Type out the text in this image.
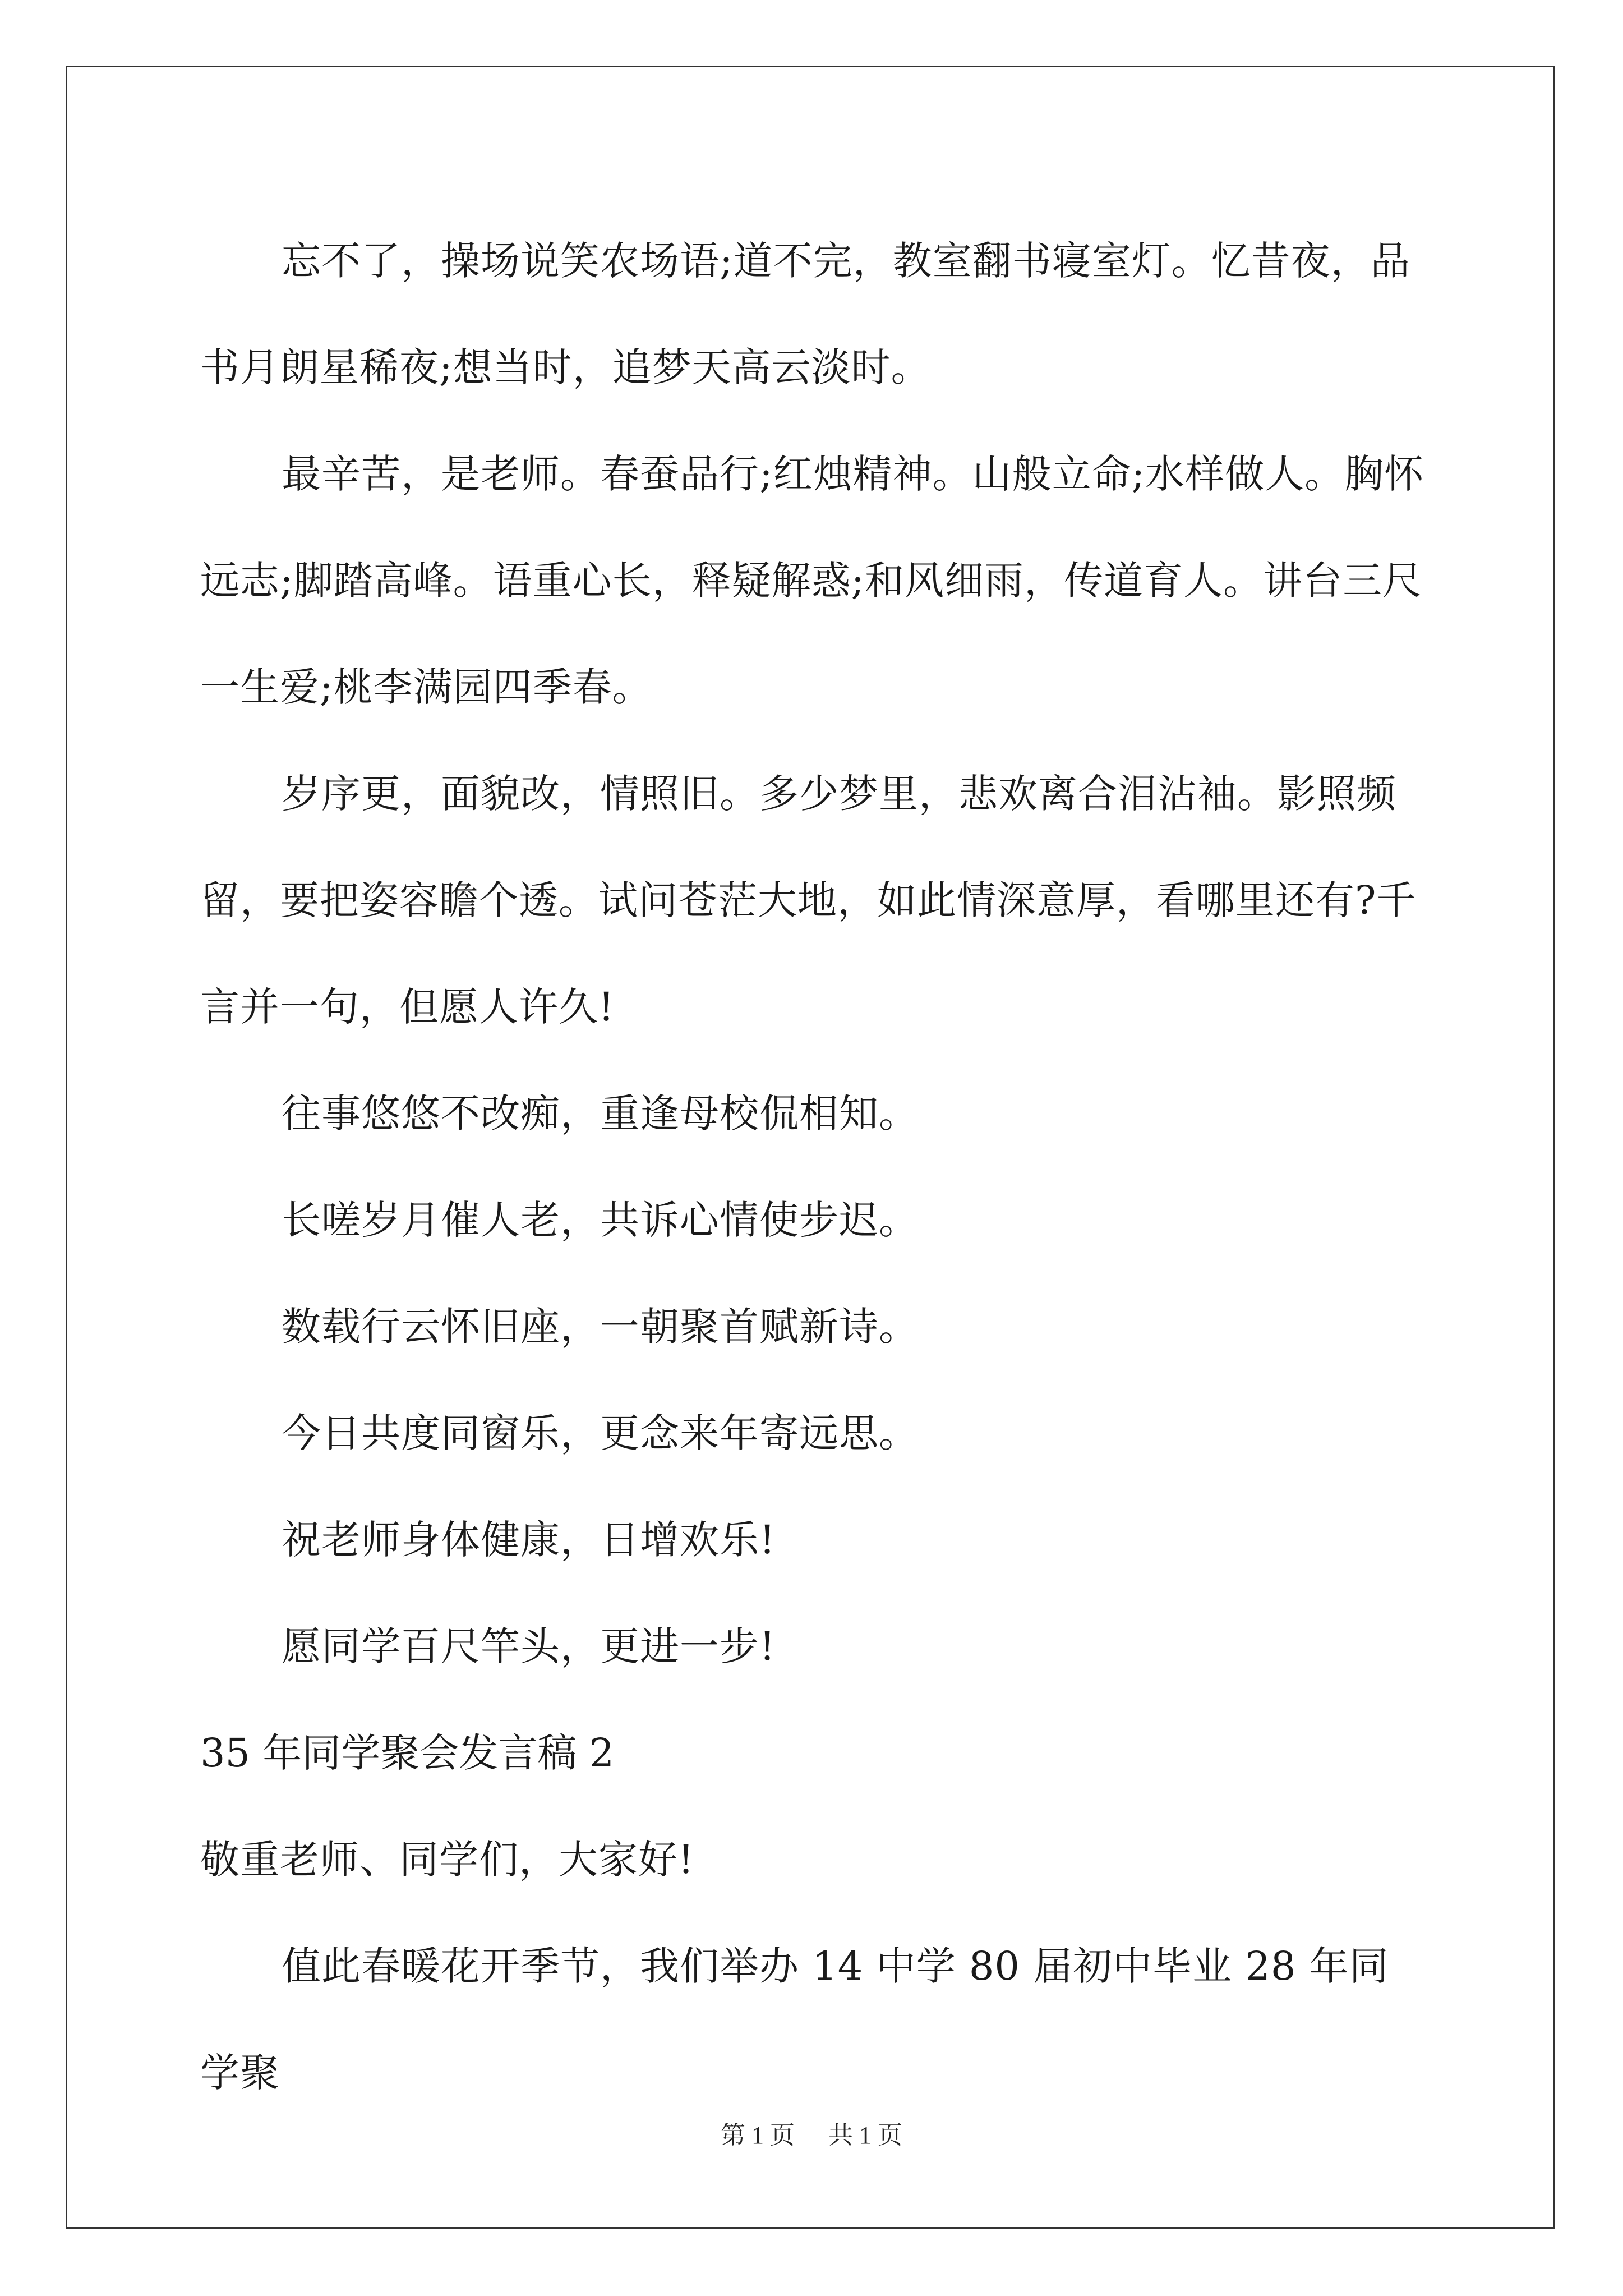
忘不了，操场说笑农场语;道不完，教室翻书寝室灯。忆昔夜，品书月朗星稀夜;想当时，追梦天高云淡时。

最辛苦，是老师。春蚕品行;红烛精神。山般立命;水样做人。胸怀远志;脚踏高峰。语重心长，释疑解惑;和风细雨，传道育人。讲台三尺一生爱;桃李满园四季春。

岁序更，面貌改，情照旧。多少梦里，悲欢离合泪沾袖。影照频留，要把姿容瞻个透。试问苍茫大地，如此情深意厚，看哪里还有?千言并一句，但愿人许久!

往事悠悠不改痴，重逢母校侃相知。

长嗟岁月催人老，共诉心情使步迟。

数载行云怀旧座，一朝聚首赋新诗。

今日共度同窗乐，更念来年寄远思。

祝老师身体健康，日增欢乐!

愿同学百尺竿头，更进一步!

35 年同学聚会发言稿 2

敬重老师、同学们，大家好!

值此春暖花开季节，我们举办 14 中学 80 届初中毕业 28 年同学聚

第 1 页 共 1 页
